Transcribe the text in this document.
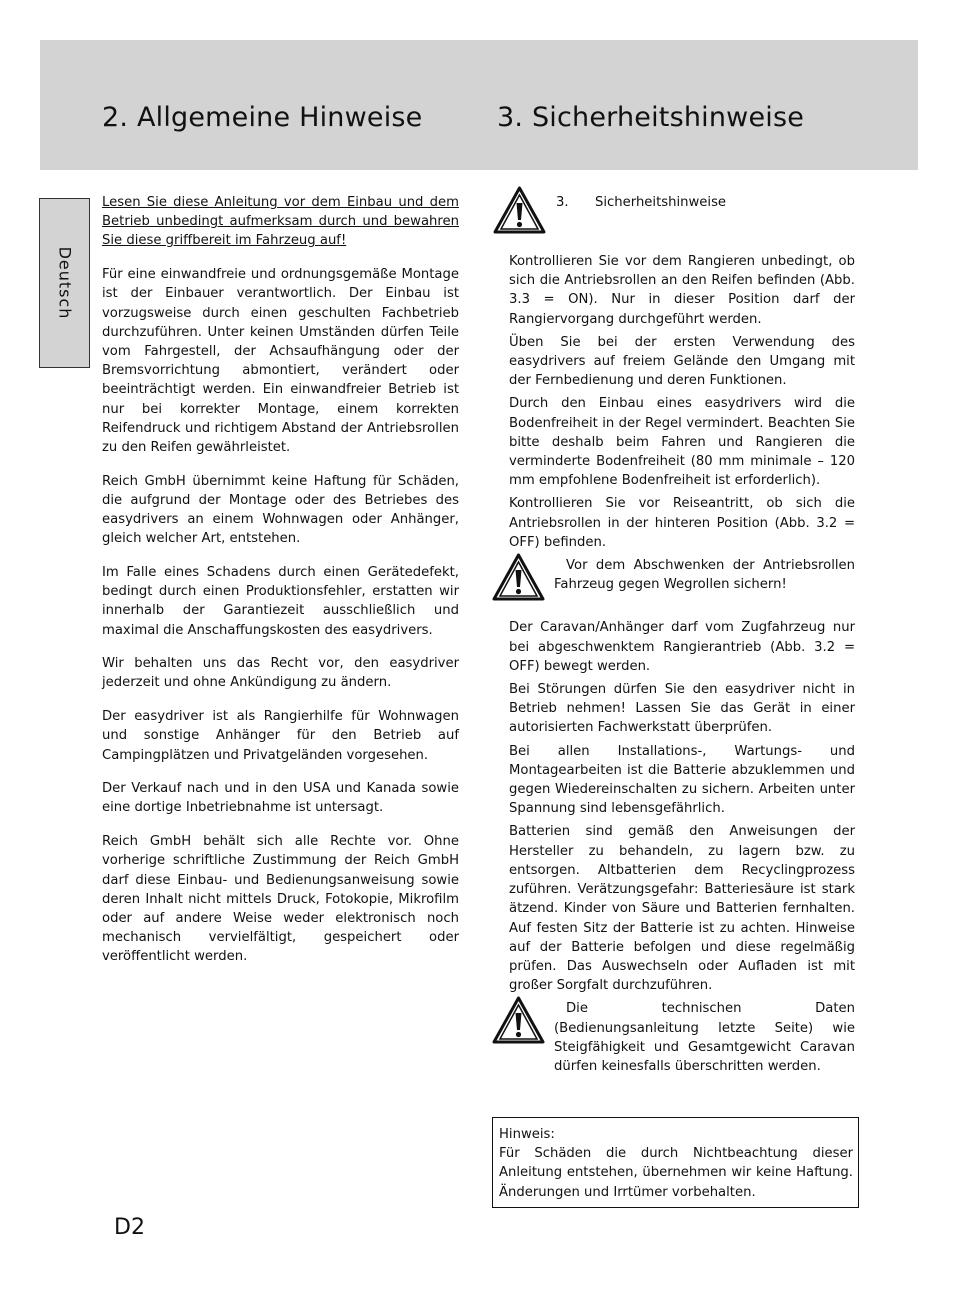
2. Allgemeine Hinweise	3. Sicherheitshinweise
Deutsch

Lesen Sie diese Anleitung vor dem Einbau und dem Betrieb unbedingt aufmerksam durch und bewahren Sie diese griffbereit im Fahrzeug auf!

Für eine einwandfreie und ordnungsgemäße Montage ist der Einbauer verantwortlich. Der Einbau ist vorzugsweise durch einen geschulten Fachbetrieb durchzuführen. Unter keinen Umständen dürfen Teile vom Fahrgestell, der Achsaufhängung oder der Bremsvorrichtung abmontiert, verändert oder beeinträchtigt werden. Ein einwandfreier Betrieb ist nur bei korrekter Montage, einem korrekten Reifendruck und richtigem Abstand der Antriebsrollen zu den Reifen gewährleistet.

Reich GmbH übernimmt keine Haftung für Schäden, die aufgrund der Montage oder des Betriebes des easydrivers an einem Wohnwagen oder Anhänger, gleich welcher Art, entstehen.

Im Falle eines Schadens durch einen Gerätedefekt, bedingt durch einen Produktionsfehler, erstatten wir innerhalb der Garantiezeit ausschließlich und maximal die Anschaffungskosten des easydrivers.

Wir behalten uns das Recht vor, den easydriver jederzeit und ohne Ankündigung zu ändern.

Der easydriver ist als Rangierhilfe für Wohnwagen und sonstige Anhänger für den Betrieb auf Campingplätzen und Privatgeländen vorgesehen.

Der Verkauf nach und in den USA und Kanada sowie eine dortige Inbetriebnahme ist untersagt.

Reich GmbH behält sich alle Rechte vor. Ohne vorherige schriftliche Zustimmung der Reich GmbH darf diese Einbau- und Bedienungsanweisung sowie deren Inhalt nicht mittels Druck, Fotokopie, Mikrofilm oder auf andere Weise weder elektronisch noch mechanisch vervielfältigt, gespeichert oder veröffentlicht werden.

3. Sicherheitshinweise

Kontrollieren Sie vor dem Rangieren unbedingt, ob sich die Antriebsrollen an den Reifen befinden (Abb. 3.3 = ON). Nur in dieser Position darf der Rangiervorgang durchgeführt werden.

Üben Sie bei der ersten Verwendung des easydrivers auf freiem Gelände den Umgang mit der Fernbedienung und deren Funktionen.

Durch den Einbau eines easydrivers wird die Bodenfreiheit in der Regel vermindert. Beachten Sie bitte deshalb beim Fahren und Rangieren die verminderte Bodenfreiheit (80 mm minimale – 120 mm empfohlene Bodenfreiheit ist erforderlich).

Kontrollieren Sie vor Reiseantritt, ob sich die Antriebsrollen in der hinteren Position (Abb. 3.2 = OFF) befinden.

Vor dem Abschwenken der Antriebsrollen Fahrzeug gegen Wegrollen sichern!

Der Caravan/Anhänger darf vom Zugfahrzeug nur bei abgeschwenktem Rangierantrieb (Abb. 3.2 = OFF) bewegt werden.

Bei Störungen dürfen Sie den easydriver nicht in Betrieb nehmen! Lassen Sie das Gerät in einer autorisierten Fachwerkstatt überprüfen.

Bei allen Installations-, Wartungs- und Montagearbeiten ist die Batterie abzuklemmen und gegen Wiedereinschalten zu sichern. Arbeiten unter Spannung sind lebensgefährlich.

Batterien sind gemäß den Anweisungen der Hersteller zu behandeln, zu lagern bzw. zu entsorgen. Altbatterien dem Recyclingprozess zuführen. Verätzungsgefahr: Batteriesäure ist stark ätzend. Kinder von Säure und Batterien fernhalten. Auf festen Sitz der Batterie ist zu achten. Hinweise auf der Batterie befolgen und diese regelmäßig prüfen. Das Auswechseln oder Aufladen ist mit großer Sorgfalt durchzuführen.

Die technischen Daten (Bedienungsanleitung letzte Seite) wie Steigfähigkeit und Gesamtgewicht Caravan dürfen keinesfalls überschritten werden.

Hinweis:

Für Schäden die durch Nichtbeachtung dieser Anleitung entstehen, übernehmen wir keine Haftung. Änderungen und Irrtümer vorbehalten.

D2
